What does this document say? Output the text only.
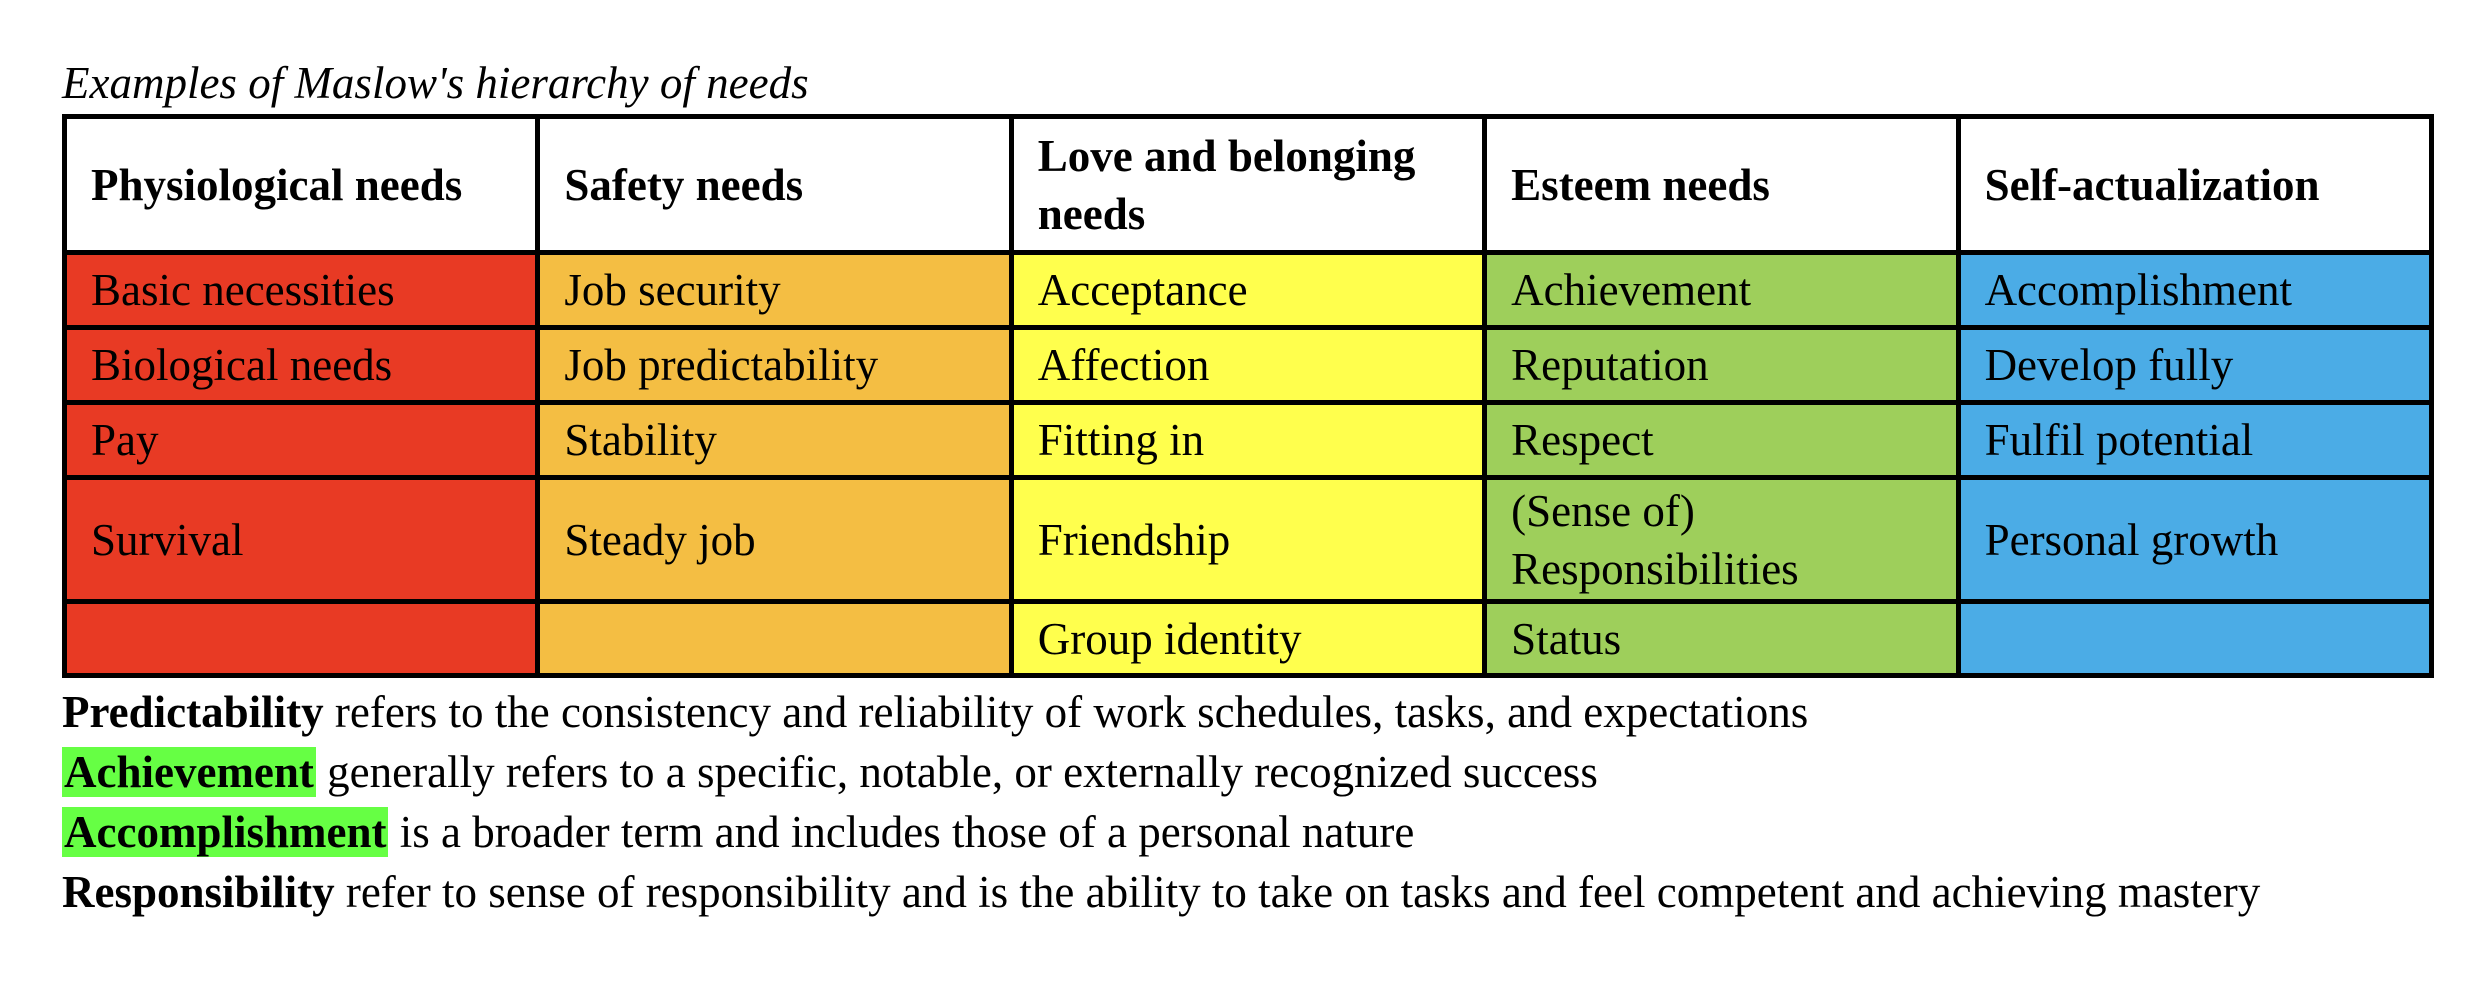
Examples of Maslow's hierarchy of needs

Physiological needs	Safety needs	Love and belonging needs	Esteem needs	Self-actualization
Basic necessities	Job security	Acceptance	Achievement	Accomplishment
Biological needs	Job predictability	Affection	Reputation	Develop fully
Pay	Stability	Fitting in	Respect	Fulfil potential
Survival	Steady job	Friendship	(Sense of) Responsibilities	Personal growth
		Group identity	Status	

Predictability refers to the consistency and reliability of work schedules, tasks, and expectations

Achievement generally refers to a specific, notable, or externally recognized success

Accomplishment is a broader term and includes those of a personal nature

Responsibility refer to sense of responsibility and is the ability to take on tasks and feel competent and achieving mastery
